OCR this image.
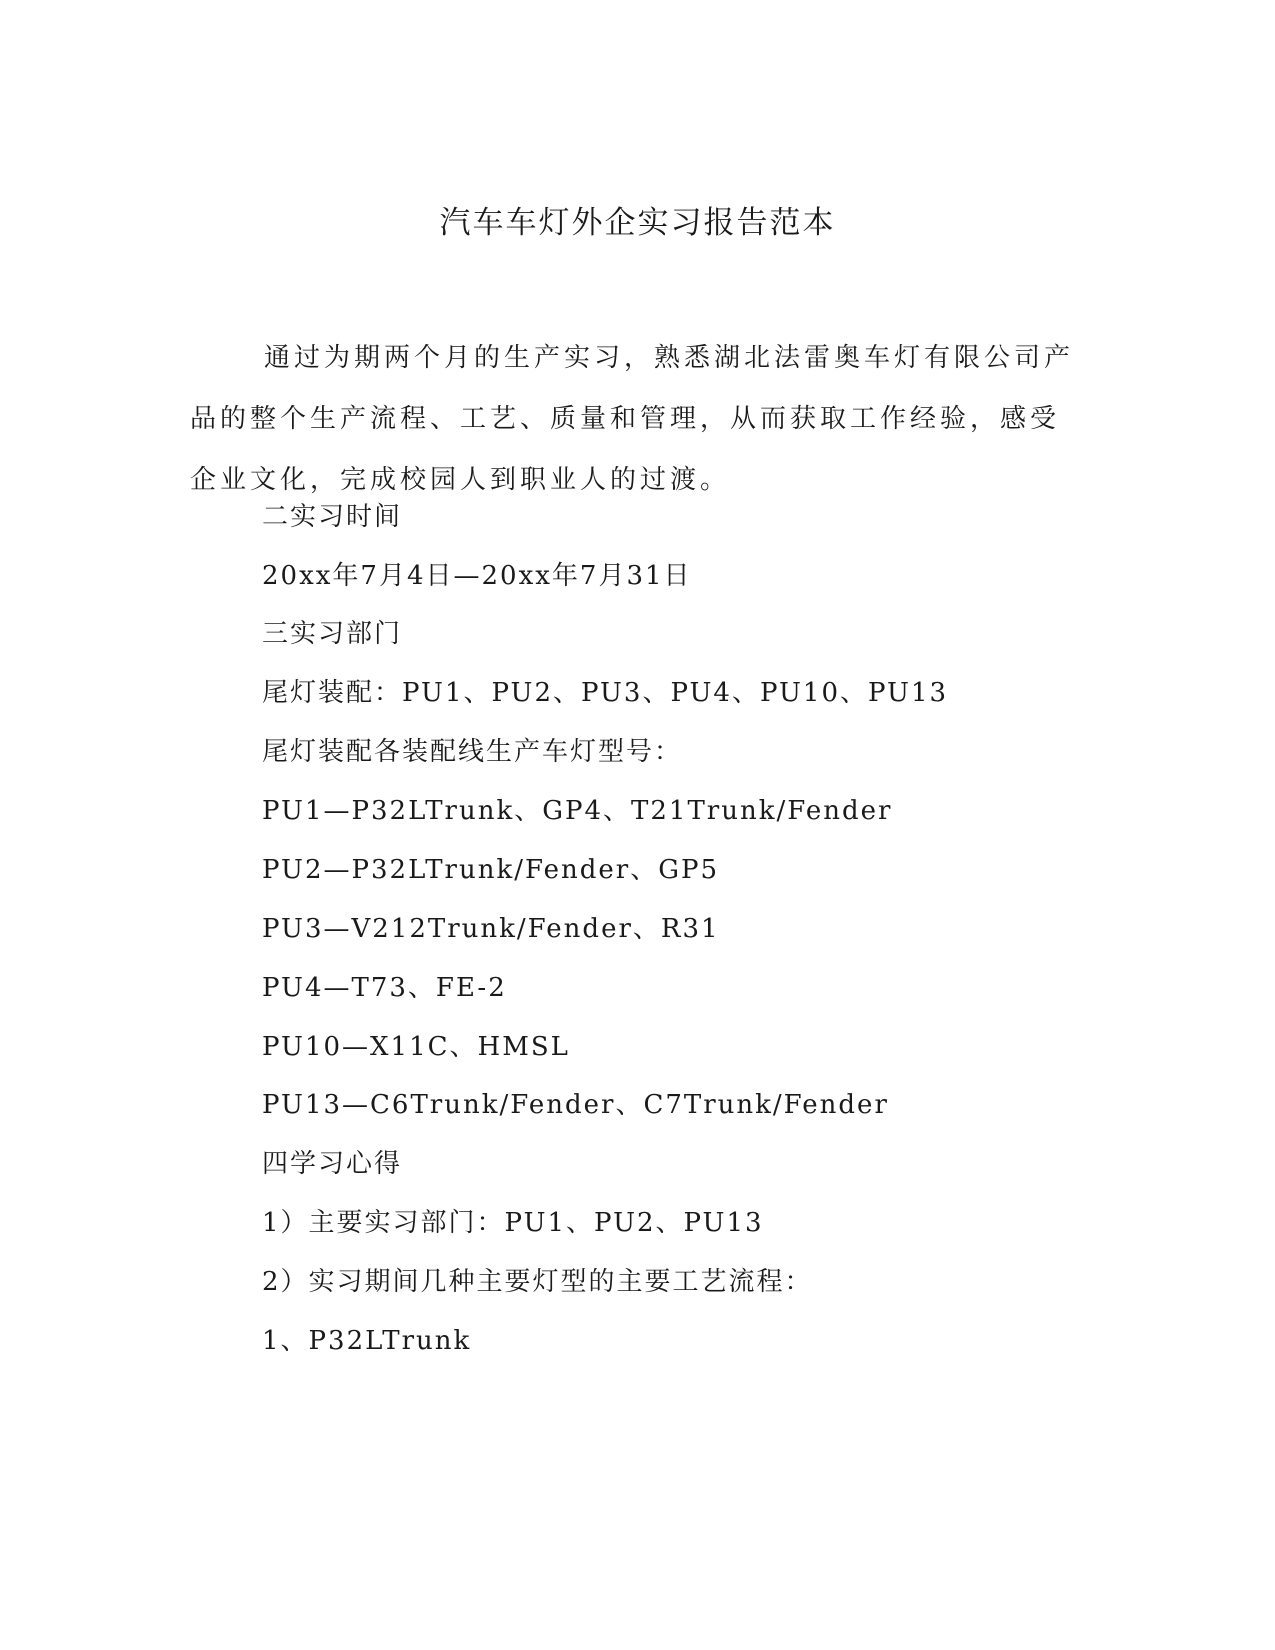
汽车车灯外企实习报告范本

通过为期两个月的生产实习，熟悉湖北法雷奥车灯有限公司产品的整个生产流程、工艺、质量和管理，从而获取工作经验，感受企业文化，完成校园人到职业人的过渡。

二实习时间
20xx年7月4日—20xx年7月31日
三实习部门
尾灯装配：PU1、PU2、PU3、PU4、PU10、PU13
尾灯装配各装配线生产车灯型号：
PU1—P32LTrunk、GP4、T21Trunk/Fender
PU2—P32LTrunk/Fender、GP5
PU3—V212Trunk/Fender、R31
PU4—T73、FE-2
PU10—X11C、HMSL
PU13—C6Trunk/Fender、C7Trunk/Fender
四学习心得
1）主要实习部门：PU1、PU2、PU13
2）实习期间几种主要灯型的主要工艺流程：
1、P32LTrunk
